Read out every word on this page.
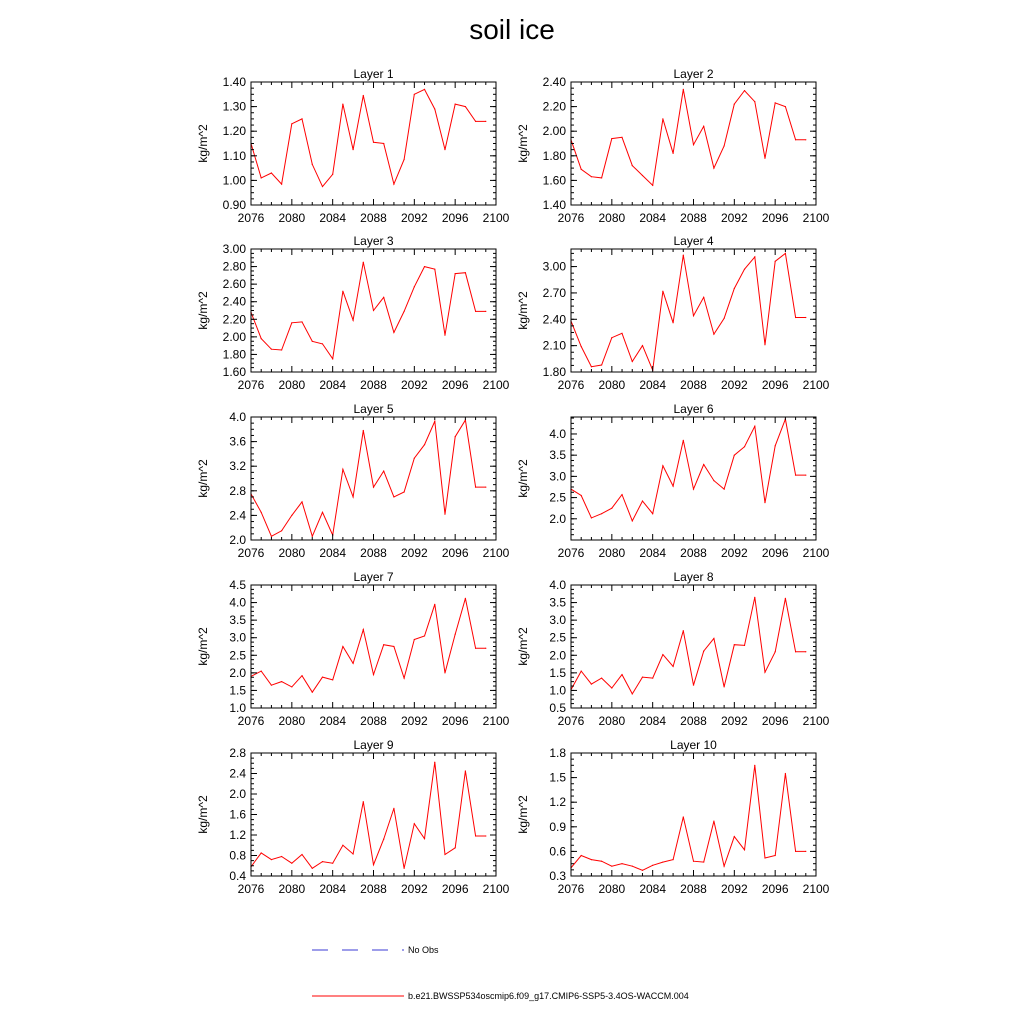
soil ice
2076 2080 2084 2088 2092 2096 2100
0.90
1.00
1.10
1.20
1.30
1.40
Layer 1
kg/m^2
2076 2080 2084 2088 2092 2096 2100
1.40
1.60
1.80
2.00
2.20
2.40
Layer 2
kg/m^2
2076 2080 2084 2088 2092 2096 2100
1.60
1.80
2.00
2.20
2.40
2.60
2.80
3.00
Layer 3
kg/m^2
2076 2080 2084 2088 2092 2096 2100
1.80
2.10
2.40
2.70
3.00
Layer 4
kg/m^2
2076 2080 2084 2088 2092 2096 2100
2.0
2.4
2.8
3.2
3.6
4.0
Layer 5
kg/m^2
2076 2080 2084 2088 2092 2096 2100
2.0
2.5
3.0
3.5
4.0
Layer 6
kg/m^2
2076 2080 2084 2088 2092 2096 2100
1.0
1.5
2.0
2.5
3.0
3.5
4.0
4.5
Layer 7
kg/m^2
2076 2080 2084 2088 2092 2096 2100
0.5
1.0
1.5
2.0
2.5
3.0
3.5
4.0
Layer 8
kg/m^2
2076 2080 2084 2088 2092 2096 2100
0.4
0.8
1.2
1.6
2.0
2.4
2.8
Layer 9
kg/m^2
2076 2080 2084 2088 2092 2096 2100
0.3
0.6
0.9
1.2
1.5
1.8
Layer 10
kg/m^2
No Obs
b.e21.BWSSP534oscmip6.f09_g17.CMIP6-SSP5-3.4OS-WACCM.004
